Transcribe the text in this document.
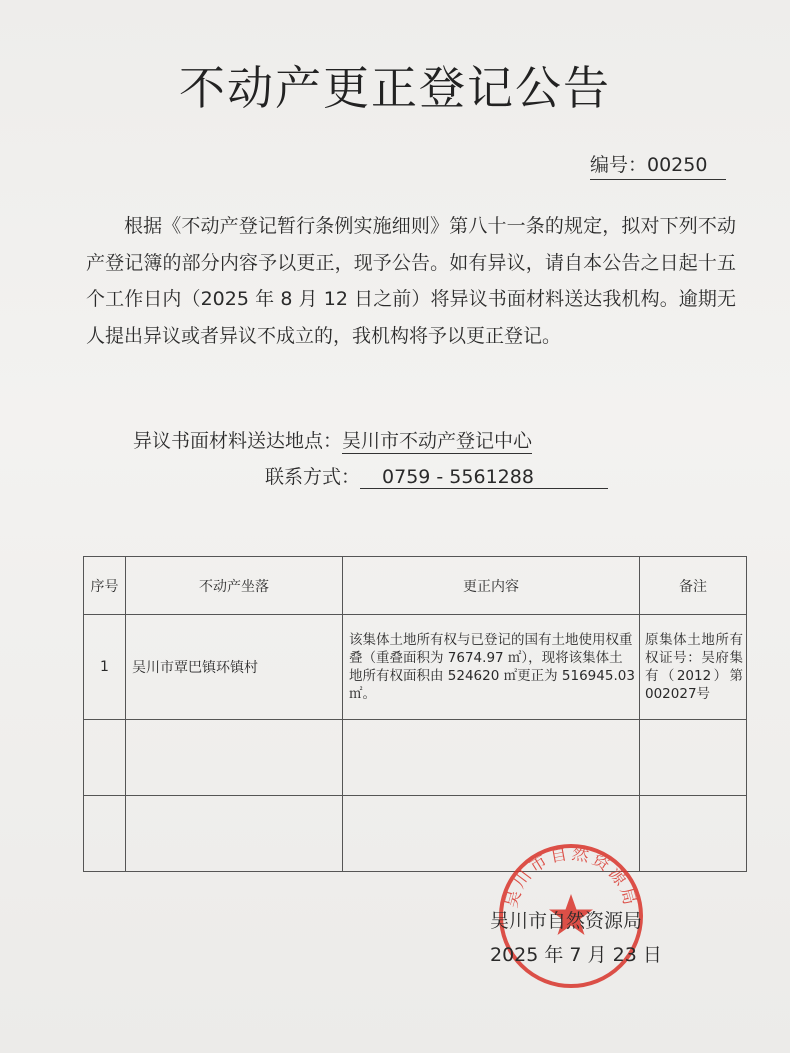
不动产更正登记公告
编号：00250
根据《不动产登记暂行条例实施细则》第八十一条的规定，拟对下列不动产登记簿的部分内容予以更正，现予公告。如有异议，请自本公告之日起十五个工作日内（2025 年 8 月 12 日之前）将异议书面材料送达我机构。逾期无人提出异议或者异议不成立的，我机构将予以更正登记。
异议书面材料送达地点：吴川市不动产登记中心
联系方式： 0759 - 5561288
序号	不动产坐落	更正内容	备注
1	吴川市覃巴镇环镇村	该集体土地所有权与已登记的国有土地使用权重叠（重叠面积为 7674.97 ㎡），现将该集体土地所有权面积由 524620 ㎡更正为 516945.03 ㎡。	原集体土地所有权证号：吴府集有（2012）第002027号

吴川市自然资源局
吴川市自然资源局
2025 年 7 月 23 日
